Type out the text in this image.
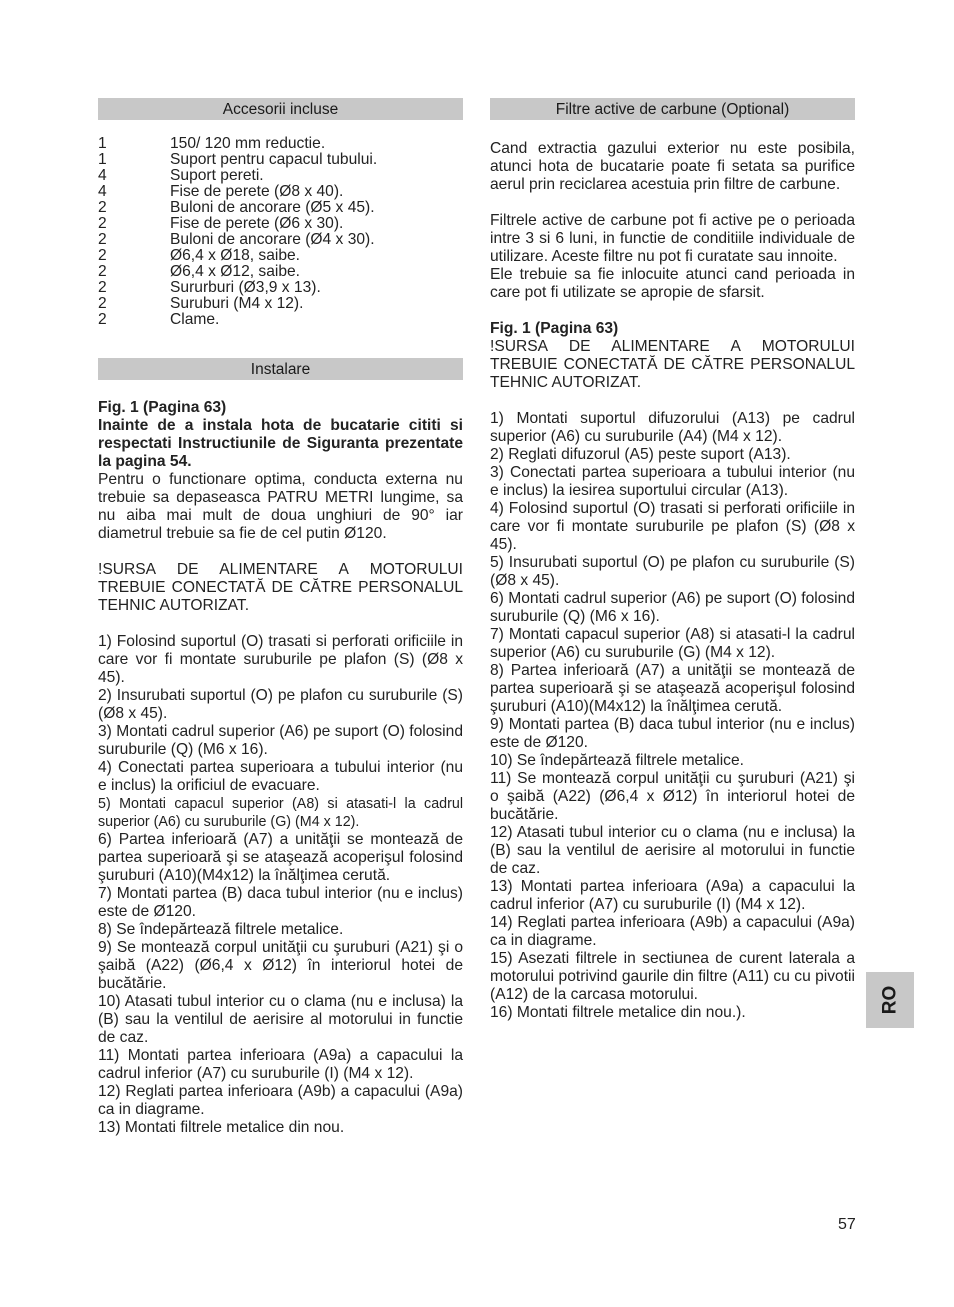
Accesorii incluse
1	150/ 120 mm reductie.
1	Suport pentru capacul tubului.
4	Suport pereti.
4	Fise de perete (Ø8 x 40).
2	Buloni de ancorare (Ø5 x 45).
2	Fise de perete (Ø6 x 30).
2	Buloni de ancorare (Ø4 x 30).
2	Ø6,4 x Ø18, saibe.
2	Ø6,4 x Ø12, saibe.
2	Sururburi (Ø3,9 x 13).
2	Suruburi (M4 x 12).
2	Clame.
Instalare

Fig. 1 (Pagina 63)

Inainte de a instala hota de bucatarie cititi si respectati Instructiunile de Siguranta prezentate la pagina 54.

Pentru o functionare optima, conducta externa nu trebuie sa depaseasca PATRU METRI lungime, sa nu aiba mai mult de doua unghiuri de 90° iar diametrul trebuie sa fie de cel putin Ø120.

!SURSA DE ALIMENTARE A MOTORULUI TREBUIE CONECTATĂ DE CĂTRE PERSONALUL TEHNIC AUTORIZAT.

1) Folosind suportul (O) trasati si perforati orificiile in care vor fi montate suruburile pe plafon (S) (Ø8 x 45).

2) Insurubati suportul (O) pe plafon cu suruburile (S) (Ø8 x 45).

3) Montati cadrul superior (A6) pe suport (O) folosind suruburile (Q) (M6 x 16).

4) Conectati partea superioara a tubului interior (nu e inclus) la orificiul de evacuare.

5) Montati capacul superior (A8) si atasati-l la cadrul superior (A6) cu suruburile (G) (M4 x 12).

6) Partea inferioară (A7) a unităţii se montează de partea superioară şi se ataşează acoperişul folosind şuruburi (A10)(M4x12) la înălţimea cerută.

7) Montati partea (B) daca tubul interior (nu e inclus) este de Ø120.

8) Se îndepărtează filtrele metalice.

9) Se montează corpul unităţii cu şuruburi (A21) şi o şaibă (A22) (Ø6,4 x Ø12) în interiorul hotei de bucătărie.

10) Atasati tubul interior cu o clama (nu e inclusa) la (B) sau la ventilul de aerisire al motorului in functie de caz.

11) Montati partea inferioara (A9a) a capacului la cadrul inferior (A7) cu suruburile (I) (M4 x 12).

12) Reglati partea inferioara (A9b) a capacului (A9a) ca in diagrame.

13) Montati filtrele metalice din nou.

Filtre active de carbune (Optional)

Cand extractia gazului exterior nu este posibila, atunci hota de bucatarie poate fi setata sa purifice aerul prin reciclarea acestuia prin filtre de carbune.

Filtrele active de carbune pot fi active pe o perioada intre 3 si 6 luni, in functie de conditiile individuale de utilizare. Aceste filtre nu pot fi curatate sau innoite.

Ele trebuie sa fie inlocuite atunci cand perioada in care pot fi utilizate se apropie de sfarsit.

Fig. 1 (Pagina 63)

!SURSA DE ALIMENTARE A MOTORULUI TREBUIE CONECTATĂ DE CĂTRE PERSONALUL TEHNIC AUTORIZAT.

1) Montati suportul difuzorului (A13) pe cadrul superior (A6) cu suruburile (A4) (M4 x 12).

2) Reglati difuzorul (A5) peste suport (A13).

3) Conectati partea superioara a tubului interior (nu e inclus) la iesirea suportului circular (A13).

4) Folosind suportul (O) trasati si perforati orificiile in care vor fi montate suruburile pe plafon (S) (Ø8 x 45).

5) Insurubati suportul (O) pe plafon cu suruburile (S) (Ø8 x 45).

6) Montati cadrul superior (A6) pe suport (O) folosind suruburile (Q) (M6 x 16).

7) Montati capacul superior (A8) si atasati-l la cadrul superior (A6) cu suruburile (G) (M4 x 12).

8) Partea inferioară (A7) a unităţii se montează de partea superioară şi se ataşează acoperişul folosind şuruburi (A10)(M4x12) la înălţimea cerută.

9) Montati partea (B) daca tubul interior (nu e inclus) este de Ø120.

10) Se îndepărtează filtrele metalice.

11) Se montează corpul unităţii cu şuruburi (A21) şi o şaibă (A22) (Ø6,4 x Ø12) în interiorul hotei de bucătărie.

12) Atasati tubul interior cu o clama (nu e inclusa) la (B) sau la ventilul de aerisire al motorului in functie de caz.

13) Montati partea inferioara (A9a) a capacului la cadrul inferior (A7) cu suruburile (I) (M4 x 12).

14) Reglati partea inferioara (A9b) a capacului (A9a) ca in diagrame.

15) Asezati filtrele in sectiunea de curent laterala a motorului potrivind gaurile din filtre (A11) cu cu pivotii (A12) de la carcasa motorului.

16) Montati filtrele metalice din nou.).	RO
57
